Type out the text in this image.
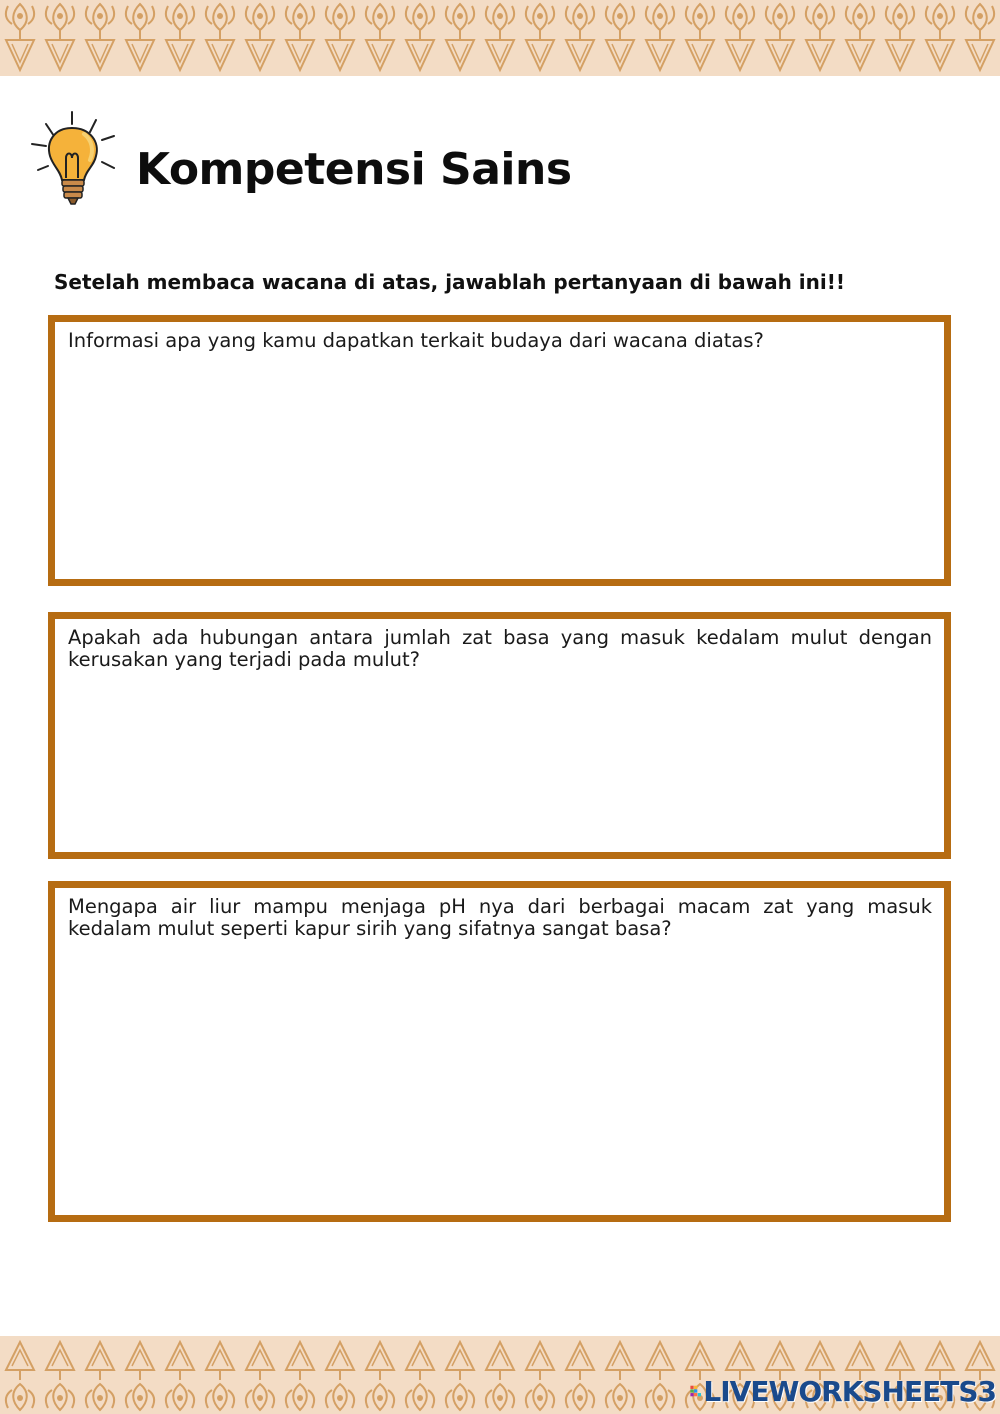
Kompetensi Sains
Setelah membaca wacana di atas, jawablah pertanyaan di bawah ini!!
Informasi apa yang kamu dapatkan terkait budaya dari wacana diatas?
Apakah ada hubungan antara jumlah zat basa yang masuk kedalam mulut dengan kerusakan yang terjadi pada mulut?
Mengapa air liur mampu menjaga pH nya dari berbagai macam zat yang masuk kedalam mulut seperti kapur sirih yang sifatnya sangat basa?
LIVEWORKSHEETS 3
